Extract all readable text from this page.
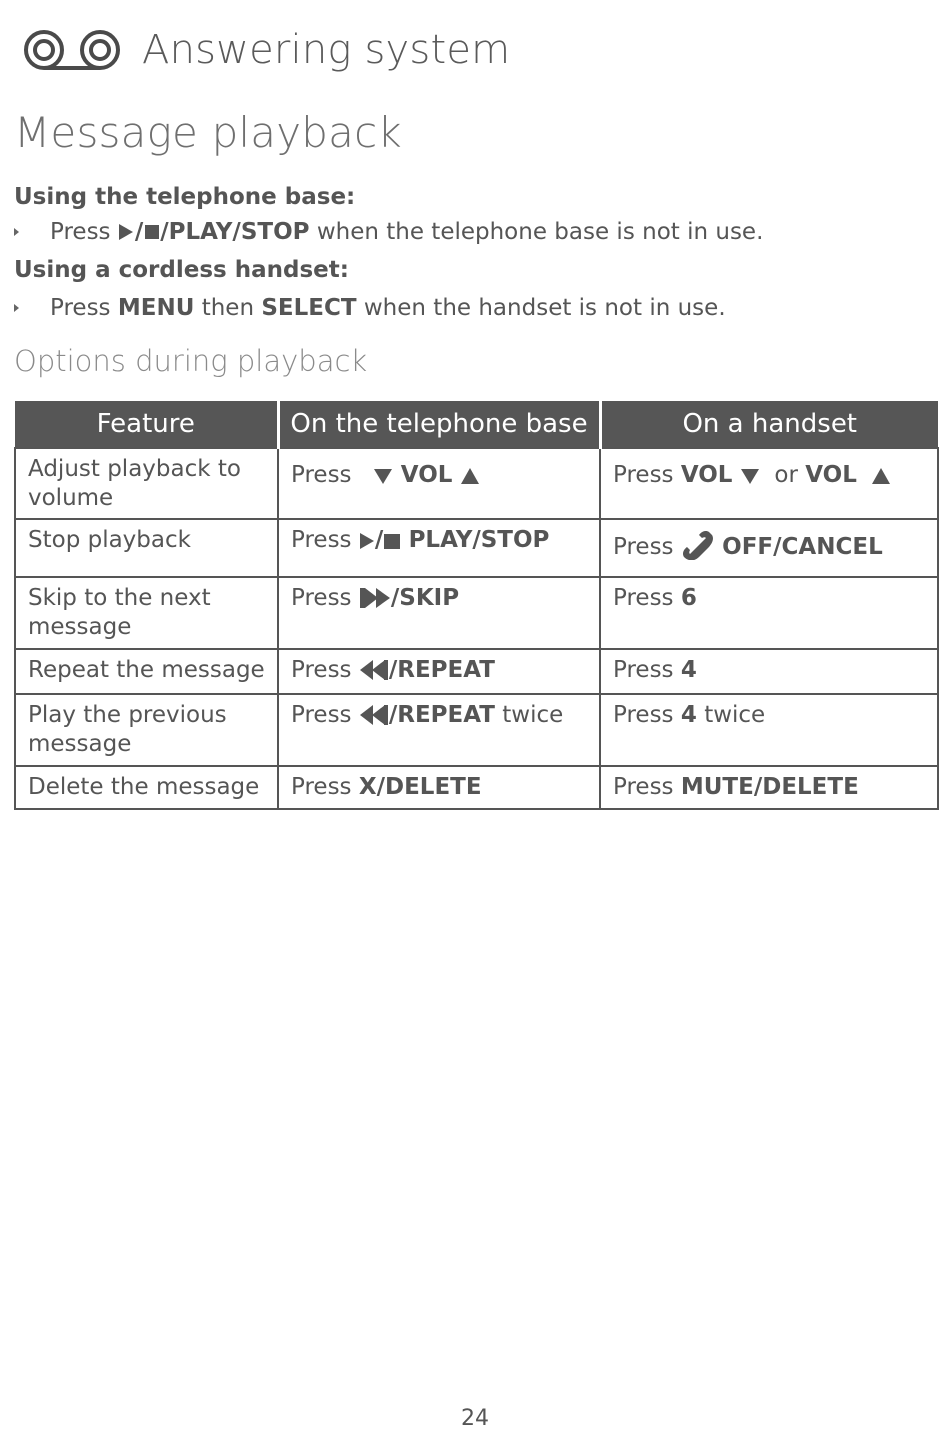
Answering system
Message playback
Using the telephone base:
Press
/ /PLAY/STOP
when the telephone base is not in use.
Using a cordless handset:
Press
MENU
then
SELECT
when the handset is not in use.
Options during playback
Feature	On the telephone base	On a handset
Adjust playback to volume	Press VOL	Press VOL or VOL
Stop playback	Press / PLAY/STOP	Press OFF/CANCEL
Skip to the next message	Press /SKIP	Press 6
Repeat the message	Press /REPEAT	Press 4
Play the previous message	Press /REPEAT twice	Press 4 twice
Delete the message	Press X/DELETE	Press MUTE/DELETE
24
